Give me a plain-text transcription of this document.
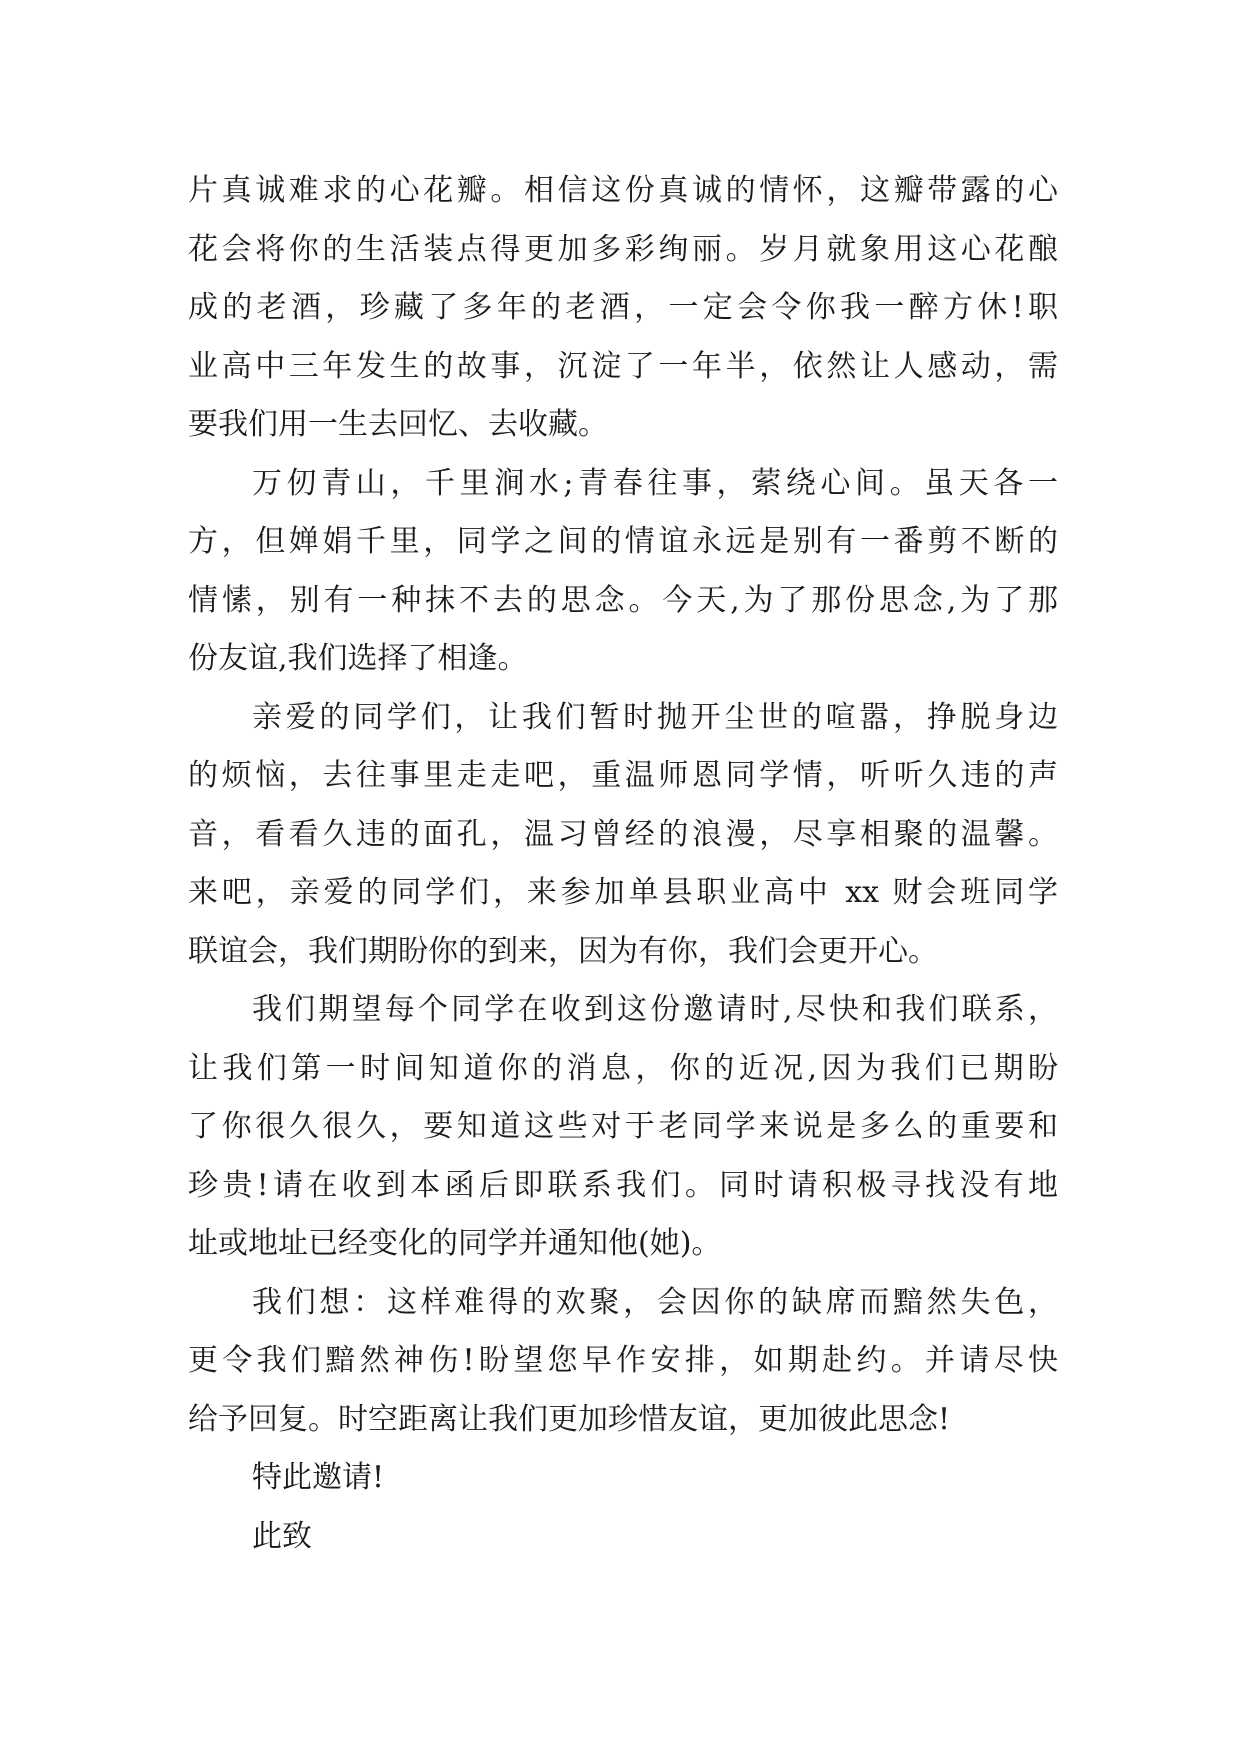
片真诚难求的心花瓣。相信这份真诚的情怀，这瓣带露的心
花会将你的生活装点得更加多彩绚丽。岁月就象用这心花酿
成的老酒，珍藏了多年的老酒，一定会令你我一醉方休!职
业高中三年发生的故事，沉淀了一年半，依然让人感动，需
要我们用一生去回忆、去收藏。
万仞青山，千里涧水;青春往事，萦绕心间。虽天各一
方，但婵娟千里，同学之间的情谊永远是别有一番剪不断的
情愫，别有一种抹不去的思念。今天,为了那份思念,为了那
份友谊,我们选择了相逢。
亲爱的同学们，让我们暂时抛开尘世的喧嚣，挣脱身边
的烦恼，去往事里走走吧，重温师恩同学情，听听久违的声
音，看看久违的面孔，温习曾经的浪漫，尽享相聚的温馨。
来吧，亲爱的同学们，来参加单县职业高中 xx 财会班同学
联谊会，我们期盼你的到来，因为有你，我们会更开心。
我们期望每个同学在收到这份邀请时,尽快和我们联系，
让我们第一时间知道你的消息，你的近况,因为我们已期盼
了你很久很久，要知道这些对于老同学来说是多么的重要和
珍贵!请在收到本函后即联系我们。同时请积极寻找没有地
址或地址已经变化的同学并通知他(她)。
我们想：这样难得的欢聚，会因你的缺席而黯然失色，
更令我们黯然神伤!盼望您早作安排，如期赴约。并请尽快
给予回复。时空距离让我们更加珍惜友谊，更加彼此思念!
特此邀请!
此致
